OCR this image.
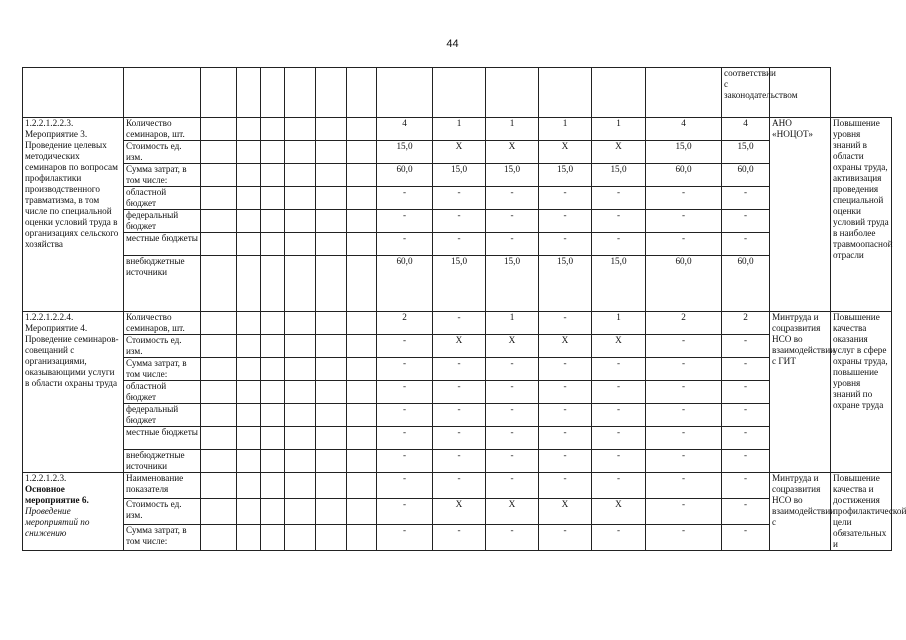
44
														соответствии с законодательством		
1.2.2.1.2.2.3. Мероприятие 3. Проведение целевых методических семинаров по вопросам профилактики производственного травматизма, в том числе по специальной оценки условий труда в организациях сельского хозяйства	Количество семинаров, шт.							4	1	1	1	1	4	4	АНО «НОЦОТ»	Повышение уровня знаний в области охраны труда, активизация проведения специальной оценки условий труда в наиболее травмоопасной отрасли
	Стоимость ед. изм.							15,0	X	X	X	X	15,0	15,0		
	Сумма затрат, в том числе:							60,0	15,0	15,0	15,0	15,0	60,0	60,0		
	областной бюджет							-	-	-	-	-	-	-		
	федеральный бюджет							-	-	-	-	-	-	-		
	местные бюджеты							-	-	-	-	-	-	-		
	внебюджетные источники							60,0	15,0	15,0	15,0	15,0	60,0	60,0		
1.2.2.1.2.2.4. Мероприятие 4. Проведение семинаров-совещаний с организациями, оказывающими услуги в области охраны труда	Количество семинаров, шт.							2	-	1	-	1	2	2	Минтруда и соцразвития НСО во взаимодействии с ГИТ	Повышение качества оказания услуг в сфере охраны труда, повышение уровня знаний по охране труда
	Стоимость ед. изм.							-	X	X	X	X	-	-		
	Сумма затрат, в том числе:							-	-	-	-	-	-	-		
	областной бюджет							-	-	-	-	-	-	-		
	федеральный бюджет							-	-	-	-	-	-	-		
	местные бюджеты							-	-	-	-	-	-	-		
	внебюджетные источники							-	-	-	-	-	-	-		

1.2.2.1.2.3.
Основное мероприятие 6.
Проведение мероприятий по снижению	Наименование показателя							-	-	-	-	-	-	-	Минтруда и соцразвития НСО во взаимодействии с	Повышение качества и достижения профилактической цели обязательных и
	Стоимость ед. изм.							-	X	X	X	X	-	-		
	Сумма затрат, в том числе:							-	-	-	-	-	-	-		
